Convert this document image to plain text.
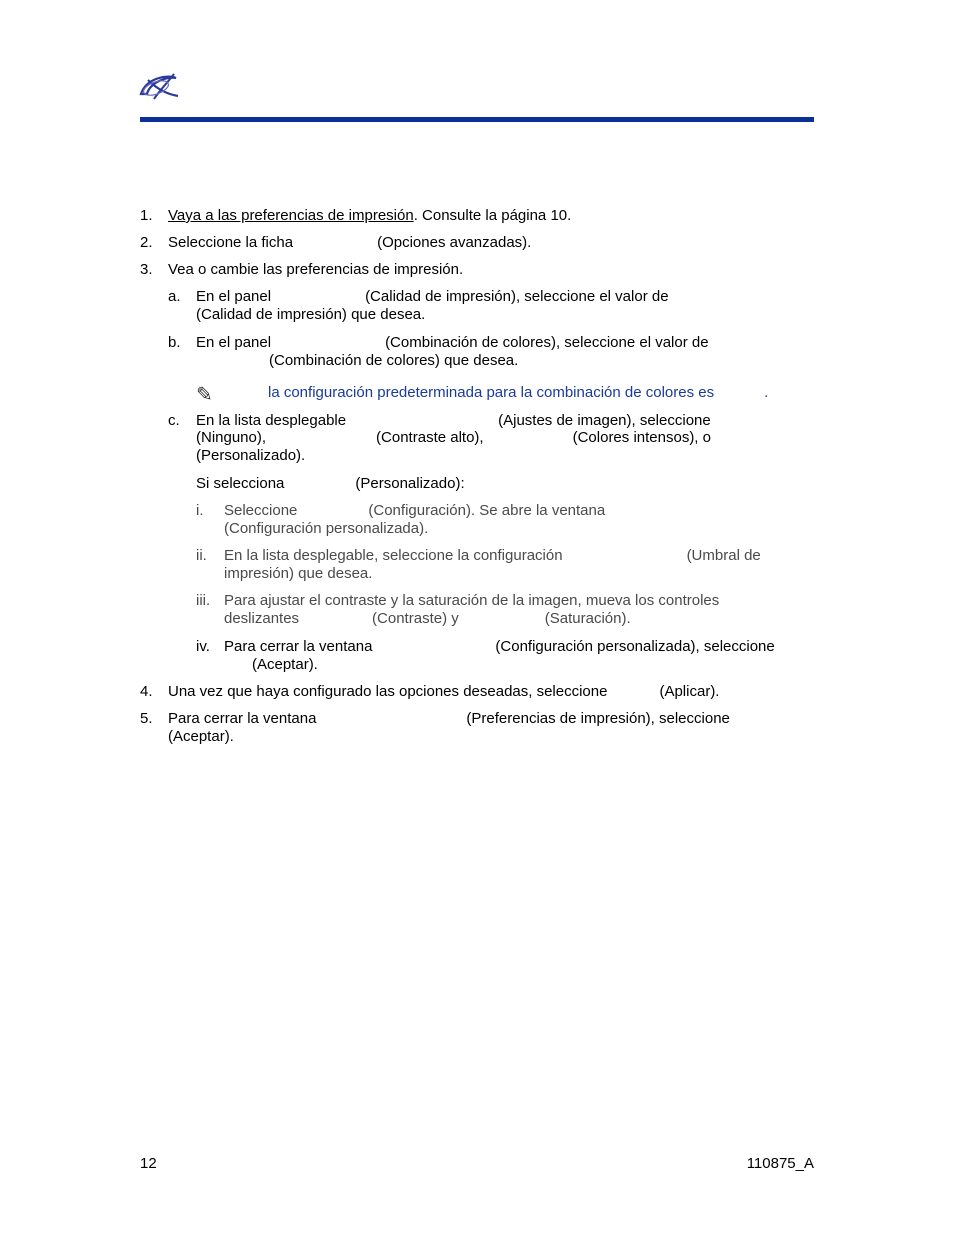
1. Vaya a las preferencias de impresión. Consulte la página 10.
2. Seleccione la ficha	(Opciones avanzadas).
3. Vea o cambie las preferencias de impresión.
a. En el panel	(Calidad de impresión), seleccione el valor de
(Calidad de impresión) que desea.
b. En el panel	(Combinación de colores), seleccione el valor de
(Combinación de colores) que desea.
✎	la configuración predeterminada para la combinación de colores es	.
c. En la lista desplegable	(Ajustes de imagen), seleccione
(Ninguno),	(Contraste alto),	(Colores intensos), o
(Personalizado).
Si selecciona	(Personalizado):
i. Seleccione	(Configuración). Se abre la ventana
(Configuración personalizada).
ii. En la lista desplegable, seleccione la configuración	(Umbral de
impresión) que desea.
iii. Para ajustar el contraste y la saturación de la imagen, mueva los controles
deslizantes	(Contraste) y	(Saturación).
iv. Para cerrar la ventana	(Configuración personalizada), seleccione
(Aceptar).
4. Una vez que haya configurado las opciones deseadas, seleccione	(Aplicar).
5. Para cerrar la ventana	(Preferencias de impresión), seleccione
(Aceptar).
12	110875_A
